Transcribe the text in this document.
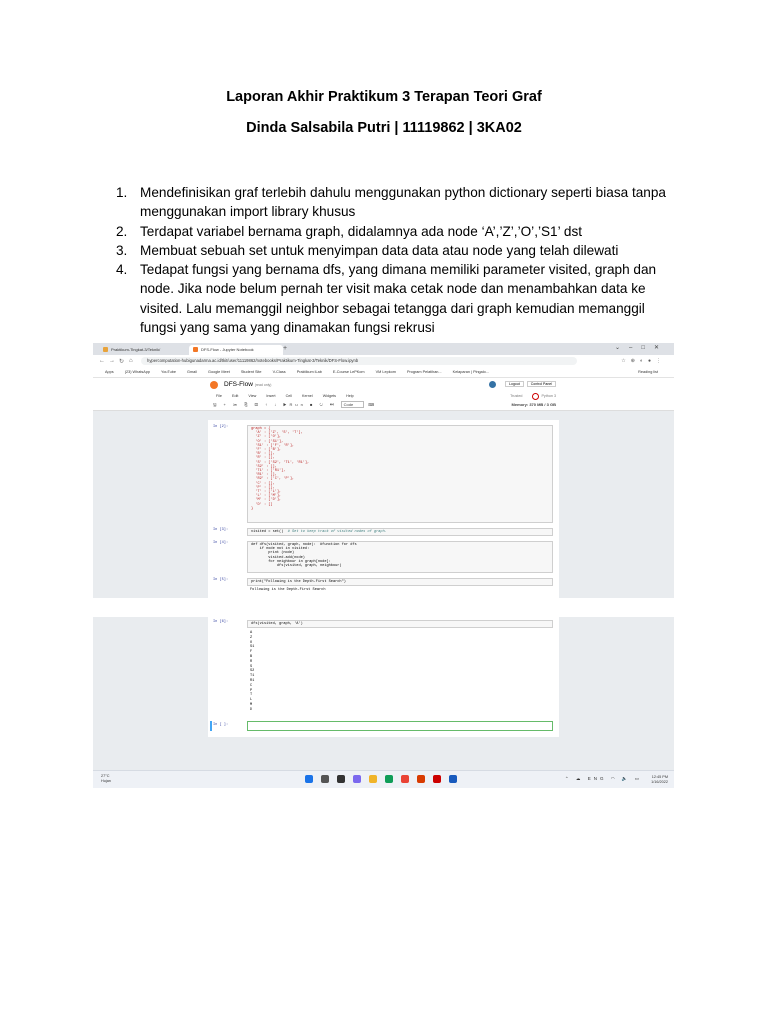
Laporan Akhir Praktikum 3 Terapan Teori Graf
Dinda Salsabila Putri | 11119862 | 3KA02
1. Mendefinisikan graf terlebih dahulu menggunakan python dictionary seperti biasa tanpa menggunakan import library khusus
2. Terdapat variabel bernama graph, didalamnya ada node ‘A’,’Z’,’O’,’S1’ dst
3. Membuat sebuah set untuk menyimpan data data atau node yang telah dilewati
4. Tedapat fungsi yang bernama dfs, yang dimana memiliki parameter visited, graph dan node. Jika node belum pernah ter visit maka cetak node dan menambahkan data ke visited. Lalu memanggil neighbor sebagai tetangga dari graph kemudian memanggil fungsi yang sama yang dinamakan fungsi rekrusi
Praktikum-Tingkat-3/Teknik/	DFS-Flow - Jupyter Notebook	+	⌄–□✕
← → ↻ ⌂	hypercomputation-hubigunadarma.ac.id/tkit/user/11119862/notebooks/Praktikum-Tingkat-3/Teknik/DFS-Flow.ipynb	☆⊕◐●⋮
Apps	(23) WhatsApp	YouTube	Gmail	Google Meet	Student Site	V-Class	Praktikum iLab	E-Course LePKom	VM Lepkom	Program Pelatihan...	Kelaparan | Pingalo...	Reading list
DFS-Flow (read only)	Logout	Control Panel
File	Edit	View	Insert	Cell	Kernel	Widgets	Help	Trusted	Python 3
🖫 + ✂ ⎘ ▤ ↑ ↓ ▶Run ■ ↻ ⏭ Code	⌨	Memory: 370 MB / 3 GB
In [2]:	graph = {
'A' : ['Z', 'S', 'T'],
'Z' : ['O'],
'O' : ['S1'],
'S1' : ['F', 'R'],
'F' : ['B'],
'B' : [],
'R' : [],
'S' : ['S2', 'T1', 'R1'],
'S2' : [],
'T1' : ['R1'],
'R1' : [],
'R2' : ['C', 'P'],
'C' : [],
'P' : [],
'T' : ['L'],
'L' : ['M'],
'M' : ['D'],
'D' : []
}
In [3]:	visited = set() # Set to keep track of visited nodes of graph.
In [4]:	def dfs(visited, graph, node):  #function for dfs
if node not in visited:
print (node)
visited.add(node)
for neighbour in graph[node]:
dfs(visited, graph, neighbour)
In [5]:	print("Following is the Depth-First Search")
Following is the Depth-First Search
In [6]:	dfs(visited, graph, 'A')
A
Z
O
S1
F
B
R
S
S2
T1
R1
C
P
T
L
M
D
In [ ]:
27°C
Hujan
	⌃ ☁ ENG ◠ 🔈 ▭	12:45 PM
1/16/2022
